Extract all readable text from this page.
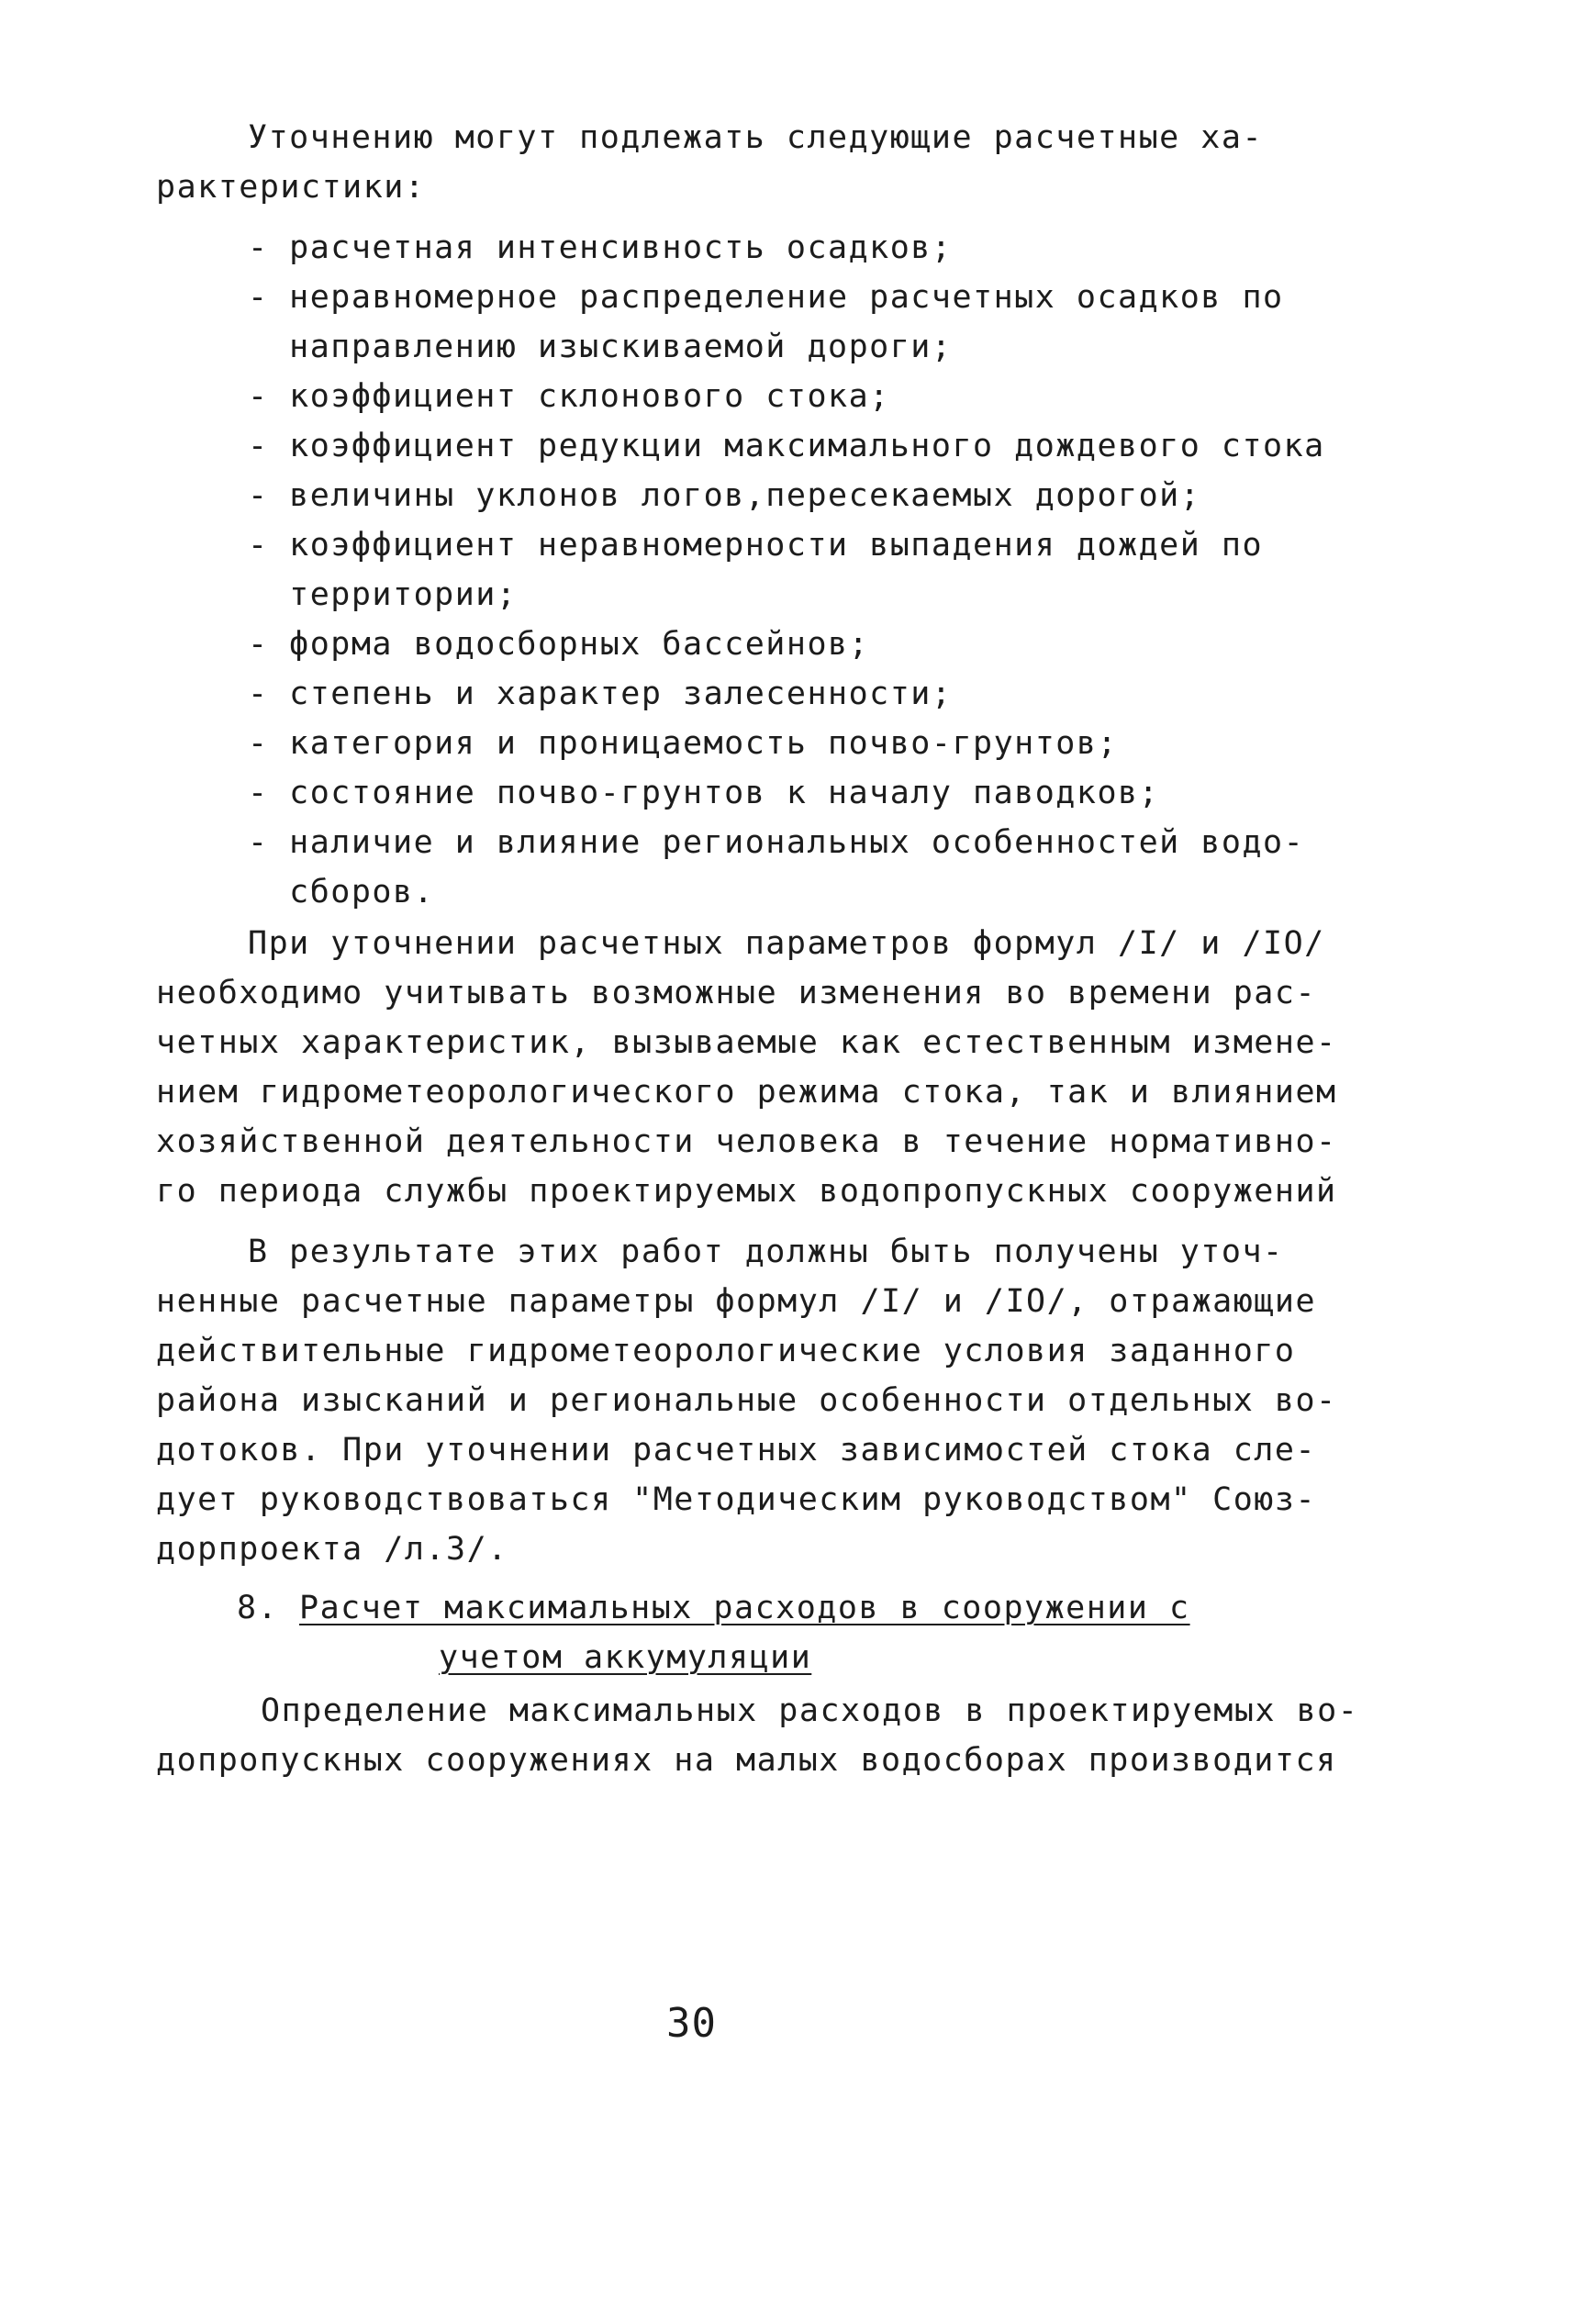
Уточнению могут подлежать следующие расчетные ха-
рактеристики:
- расчетная интенсивность осадков;
- неравномерное распределение расчетных осадков по
направлению изыскиваемой дороги;
- коэффициент склонового стока;
- коэффициент редукции максимального дождевого стока
- величины уклонов логов,пересекаемых дорогой;
- коэффициент неравномерности выпадения дождей по
территории;
- форма водосборных бассейнов;
- степень и характер залесенности;
- категория и проницаемость почво-грунтов;
- состояние почво-грунтов к началу паводков;
- наличие и влияние региональных особенностей водо-
сборов.
При уточнении расчетных параметров формул /I/ и /IO/
необходимо учитывать возможные изменения во времени рас-
четных характеристик, вызываемые как естественным измене-
нием гидрометеорологического режима стока, так и влиянием
хозяйственной деятельности человека в течение нормативно-
го периода службы проектируемых водопропускных сооружений
В результате этих работ должны быть получены уточ-
ненные расчетные параметры формул /I/ и /IO/, отражающие
действительные гидрометеорологические условия заданного
района изысканий и региональные особенности отдельных во-
дотоков. При уточнении расчетных зависимостей стока сле-
дует руководствоваться "Методическим руководством" Союз-
дорпроекта /л.3/.
8. Расчет максимальных расходов в сооружении с
учетом аккумуляции
Определение максимальных расходов в проектируемых во-
допропускных сооружениях на малых водосборах производится
30
